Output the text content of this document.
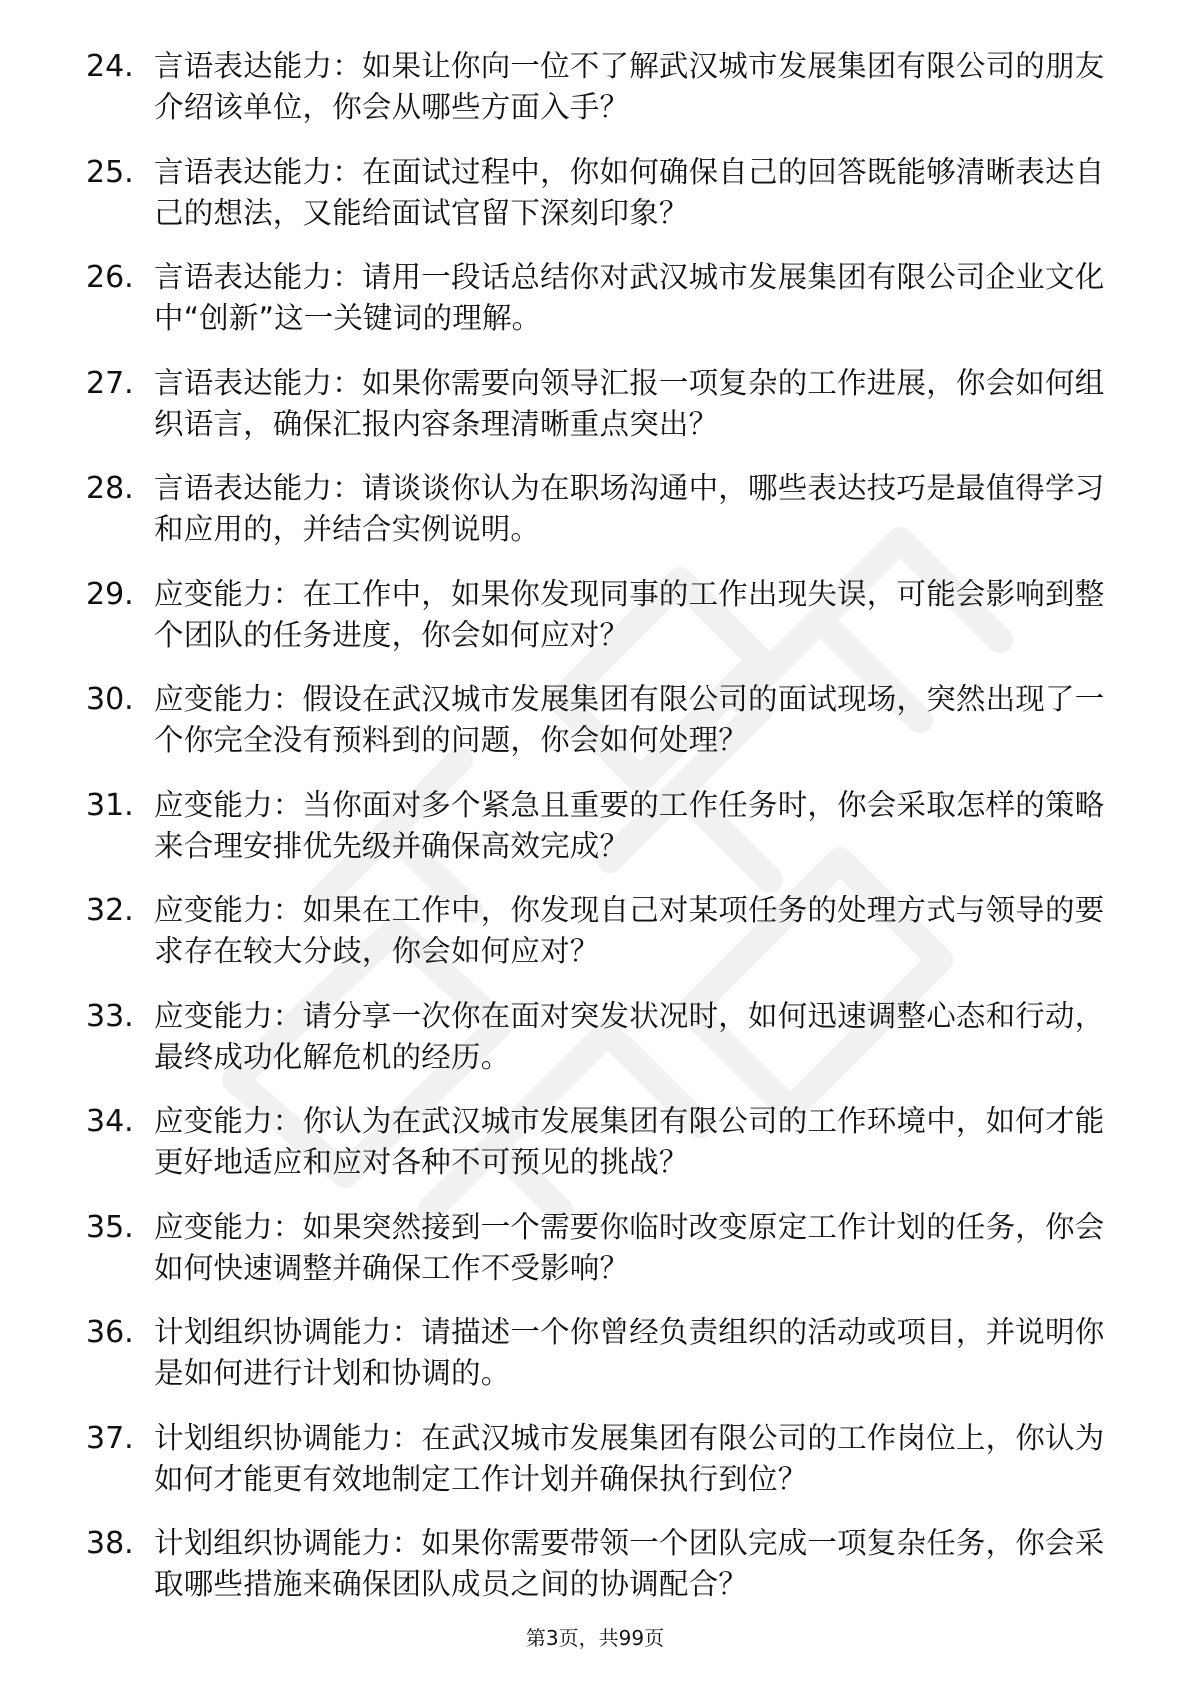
24. 言语表达能力：如果让你向一位不了解武汉城市发展集团有限公司的朋友介绍该单位，你会从哪些方面入手？
25. 言语表达能力：在面试过程中，你如何确保自己的回答既能够清晰表达自己的想法，又能给面试官留下深刻印象？
26. 言语表达能力：请用一段话总结你对武汉城市发展集团有限公司企业文化中“创新”这一关键词的理解。
27. 言语表达能力：如果你需要向领导汇报一项复杂的工作进展，你会如何组织语言，确保汇报内容条理清晰重点突出？
28. 言语表达能力：请谈谈你认为在职场沟通中，哪些表达技巧是最值得学习和应用的，并结合实例说明。
29. 应变能力：在工作中，如果你发现同事的工作出现失误，可能会影响到整个团队的任务进度，你会如何应对？
30. 应变能力：假设在武汉城市发展集团有限公司的面试现场，突然出现了一个你完全没有预料到的问题，你会如何处理？
31. 应变能力：当你面对多个紧急且重要的工作任务时，你会采取怎样的策略来合理安排优先级并确保高效完成？
32. 应变能力：如果在工作中，你发现自己对某项任务的处理方式与领导的要求存在较大分歧，你会如何应对？
33. 应变能力：请分享一次你在面对突发状况时，如何迅速调整心态和行动，最终成功化解危机的经历。
34. 应变能力：你认为在武汉城市发展集团有限公司的工作环境中，如何才能更好地适应和应对各种不可预见的挑战？
35. 应变能力：如果突然接到一个需要你临时改变原定工作计划的任务，你会如何快速调整并确保工作不受影响？
36. 计划组织协调能力：请描述一个你曾经负责组织的活动或项目，并说明你是如何进行计划和协调的。
37. 计划组织协调能力：在武汉城市发展集团有限公司的工作岗位上，你认为如何才能更有效地制定工作计划并确保执行到位？
38. 计划组织协调能力：如果你需要带领一个团队完成一项复杂任务，你会采取哪些措施来确保团队成员之间的协调配合？
第3页，共99页
